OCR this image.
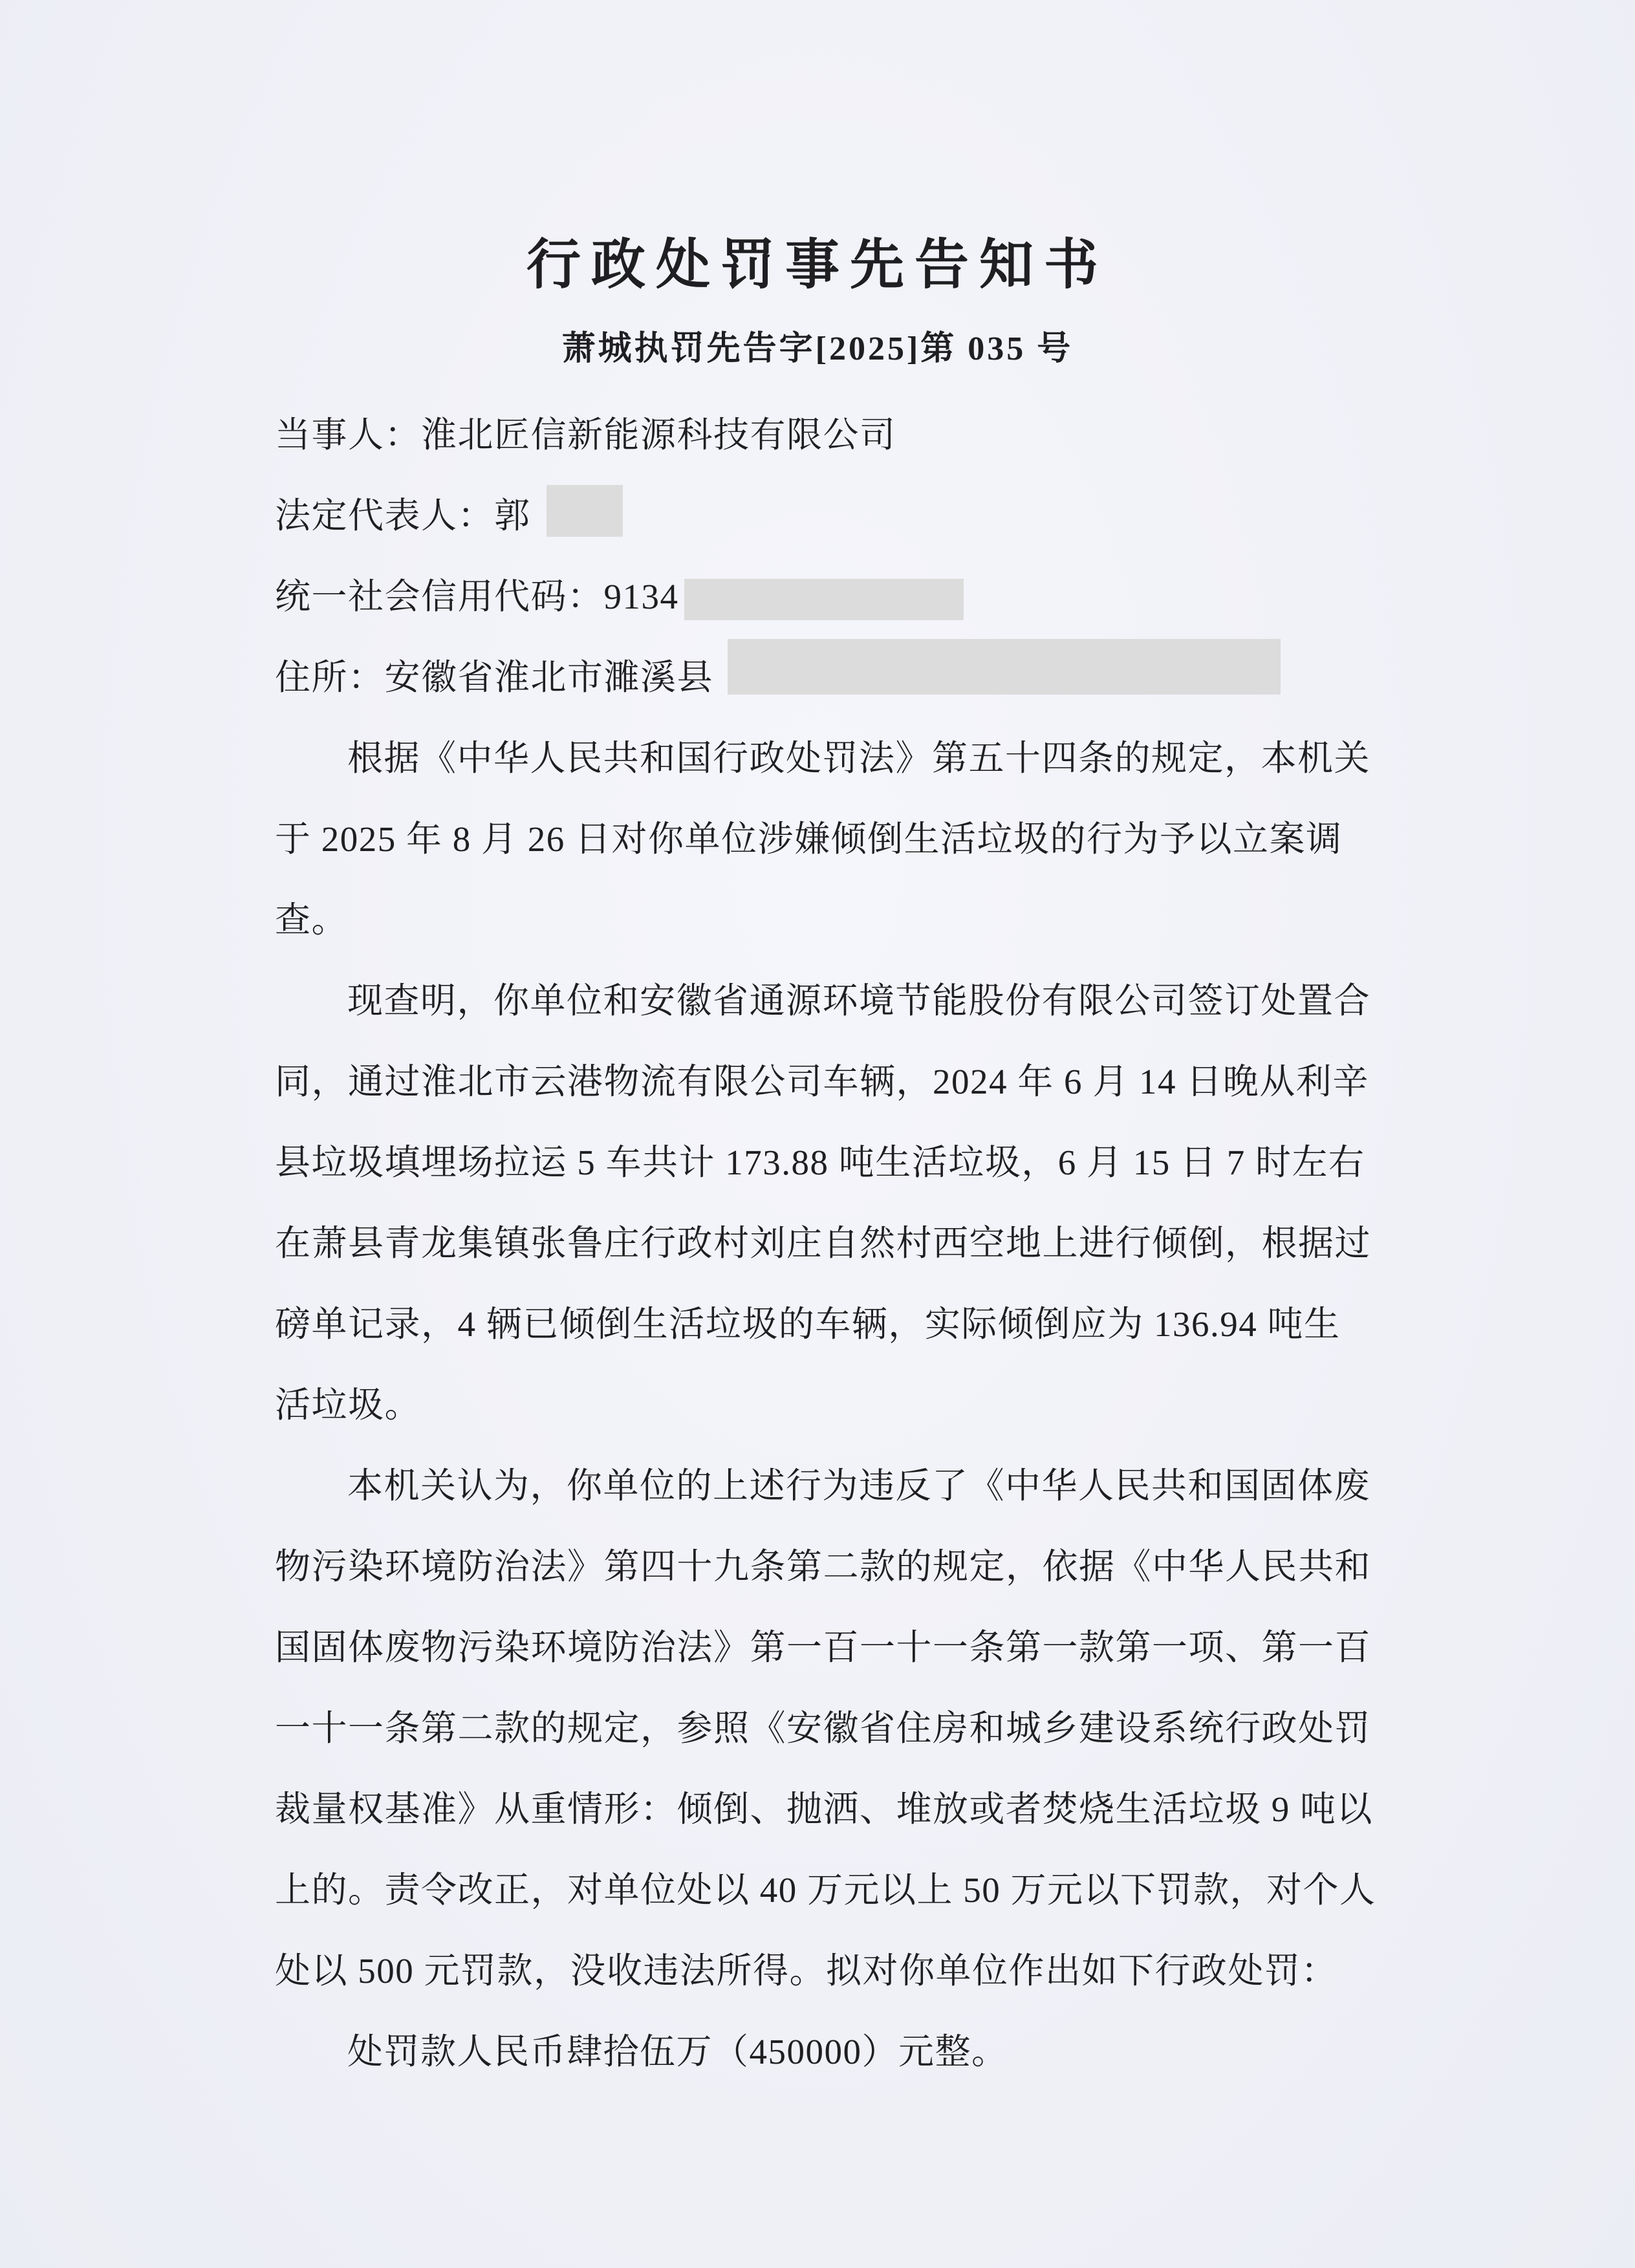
行政处罚事先告知书
萧城执罚先告字[2025]第 035 号
当事人：淮北匠信新能源科技有限公司
法定代表人：郭
统一社会信用代码：9134
住所：安徽省淮北市濉溪县
根据《中华人民共和国行政处罚法》第五十四条的规定，本机关
于 2025 年 8 月 26 日对你单位涉嫌倾倒生活垃圾的行为予以立案调
查。
现查明，你单位和安徽省通源环境节能股份有限公司签订处置合
同，通过淮北市云港物流有限公司车辆，2024 年 6 月 14 日晚从利辛
县垃圾填埋场拉运 5 车共计 173.88 吨生活垃圾，6 月 15 日 7 时左右
在萧县青龙集镇张鲁庄行政村刘庄自然村西空地上进行倾倒，根据过
磅单记录，4 辆已倾倒生活垃圾的车辆，实际倾倒应为 136.94 吨生
活垃圾。
本机关认为，你单位的上述行为违反了《中华人民共和国固体废
物污染环境防治法》第四十九条第二款的规定，依据《中华人民共和
国固体废物污染环境防治法》第一百一十一条第一款第一项、第一百
一十一条第二款的规定，参照《安徽省住房和城乡建设系统行政处罚
裁量权基准》从重情形：倾倒、抛洒、堆放或者焚烧生活垃圾 9 吨以
上的。责令改正，对单位处以 40 万元以上 50 万元以下罚款，对个人
处以 500 元罚款，没收违法所得。拟对你单位作出如下行政处罚：
处罚款人民币肆拾伍万（450000）元整。
